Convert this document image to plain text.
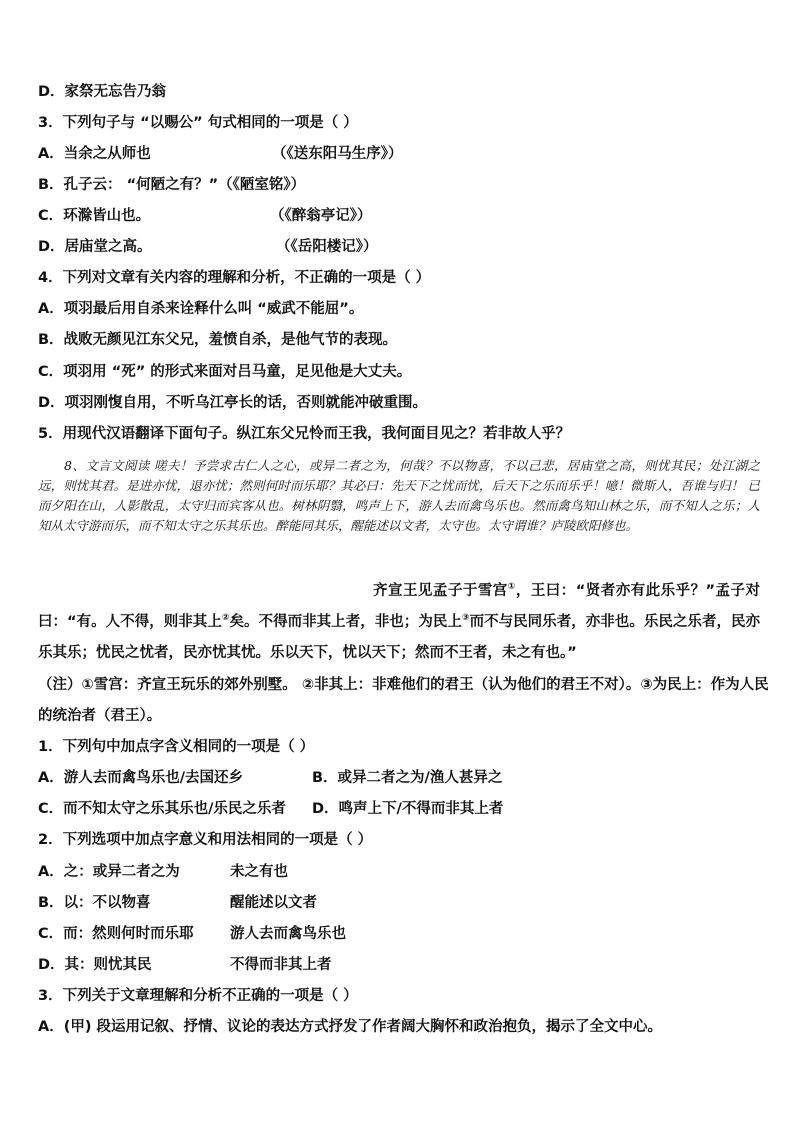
D．家祭无忘告乃翁
3．下列句子与 “以赐公” 句式相同的一项是（ ）
A．当余之从师也	（《送东阳马生序》）
B．孔子云： “何陋之有？”（《陋室铭》）
C．环滁皆山也。	（《醉翁亭记》）
D．居庙堂之高。	（《岳阳楼记》）
4．下列对文章有关内容的理解和分析，不正确的一项是（ ）
A．项羽最后用自杀来诠释什么叫 “威武不能屈”。
B．战败无颜见江东父兄，羞愤自杀，是他气节的表现。
C．项羽用 “死” 的形式来面对吕马童，足见他是大丈夫。
D．项羽刚愎自用，不听乌江亭长的话，否则就能冲破重围。
5．用现代汉语翻译下面句子。纵江东父兄怜而王我，我何面目见之？若非故人乎？
8、文言文阅读 嗟夫！予尝求古仁人之心，或异二者之为，何哉？不以物喜，不以己悲，居庙堂之高，则忧其民；处江湖之远，则忧其君。是进亦忧，退亦忧；然则何时而乐耶？其必曰：先天下之忧而忧，后天下之乐而乐乎！噫！微斯人，吾谁与归！ 已而夕阳在山，人影散乱，太守归而宾客从也。树林阴翳，鸣声上下，游人去而禽鸟乐也。然而禽鸟知山林之乐，而不知人之乐；人知从太守游而乐，而不知太守之乐其乐也。醉能同其乐，醒能述以文者，太守也。太守谓谁？庐陵欧阳修也。
齐宣王见孟子于雪宫①，王曰：“贤者亦有此乐乎？”孟子对曰：“有。人不得，则非其上②矣。不得而非其上者，非也；为民上③而不与民同乐者，亦非也。乐民之乐者，民亦乐其乐；忧民之忧者，民亦忧其忧。乐以天下，忧以天下；然而不王者，未之有也。”
（注）①雪宫：齐宣王玩乐的郊外别墅。 ②非其上：非难他们的君王（认为他们的君王不对）。③为民上：作为人民
的统治者（君王）。
1．下列句中加点字含义相同的一项是（ ）
A．游人去而禽鸟乐也/去国还乡	B．或异二者之为/渔人甚异之
C．而不知太守之乐其乐也/乐民之乐者 D．鸣声上下/不得而非其上者
2．下列选项中加点字意义和用法相同的一项是（ ）
A．之：或异二者之为	未之有也
B．以：不以物喜	醒能述以文者
C．而：然则何时而乐耶	游人去而禽鸟乐也
D．其：则忧其民	不得而非其上者
3．下列关于文章理解和分析不正确的一项是（ ）
A．(甲) 段运用记叙、抒情、议论的表达方式抒发了作者阔大胸怀和政治抱负，揭示了全文中心。
